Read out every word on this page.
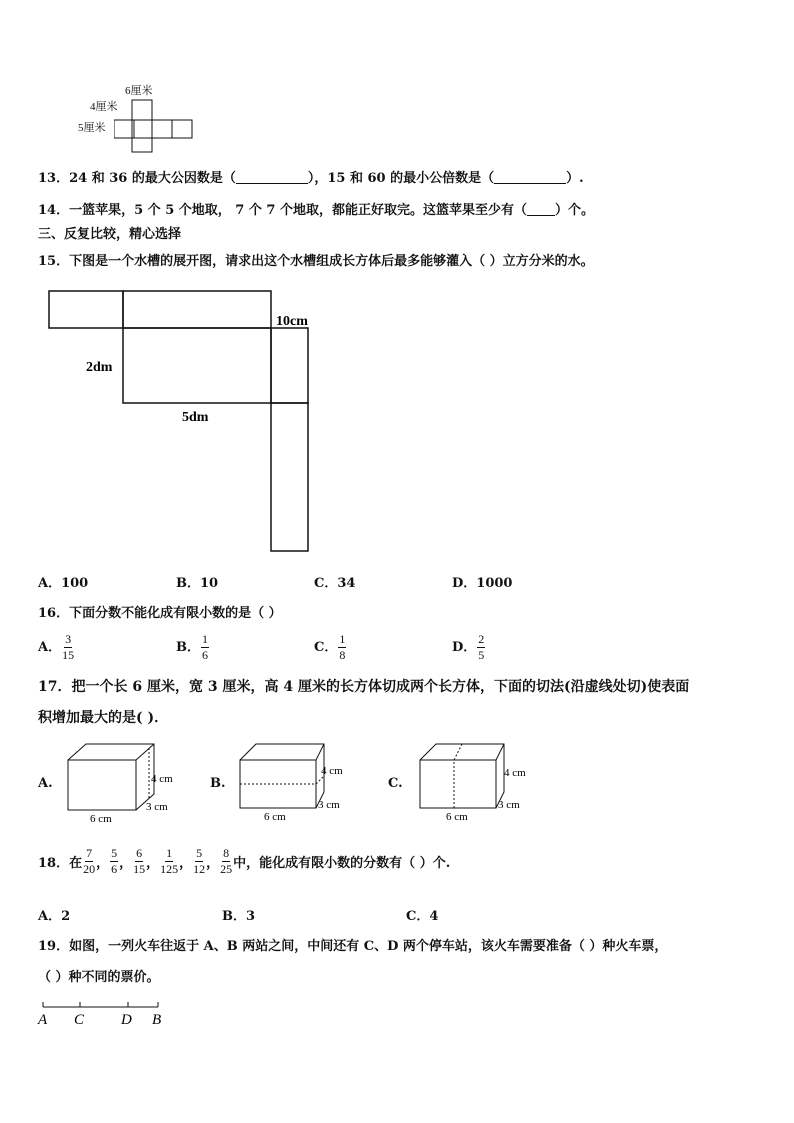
6厘米
4厘米
5厘米
13．24 和 36 的最大公因数是（	），15 和 60 的最小公倍数是（	）.
14．一篮苹果，5 个 5 个地取， 7 个 7 个地取，都能正好取完。这篮苹果至少有（ ）个。
三、反复比较，精心选择
15．下图是一个水槽的展开图，请求出这个水槽组成长方体后最多能够灌入（ ）立方分米的水。
10cm
2dm
5dm
A．100	B．10	C．34	D．1000
16．下面分数不能化成有限小数的是（ ）
A． $\frac{3}{15}$	B． $\frac{1}{6}$	C． $\frac{1}{8}$	D． $\frac{2}{5}$
17．把一个长 6 厘米，宽 3 厘米，高 4 厘米的长方体切成两个长方体，下面的切法(沿虚线处切)使表面
积增加最大的是( )．
A.	4 cm
3 cm
6 cm
B.
4 cm
3 cm
6 cm
C.
4 cm
3 cm
6 cm
18．在 $\frac{7}{20}$ ， $\frac{5}{6}$ ， $\frac{6}{15}$ ， $\frac{1}{125}$ ， $\frac{5}{12}$ ， $\frac{8}{25}$ 中，能化成有限小数的分数有（ ）个.
A．2	B．3	C．4
19．如图，一列火车往返于 A、B 两站之间，中间还有 C、D 两个停车站，该火车需要准备（ ）种火车票，
（ ）种不同的票价。
A C D B
